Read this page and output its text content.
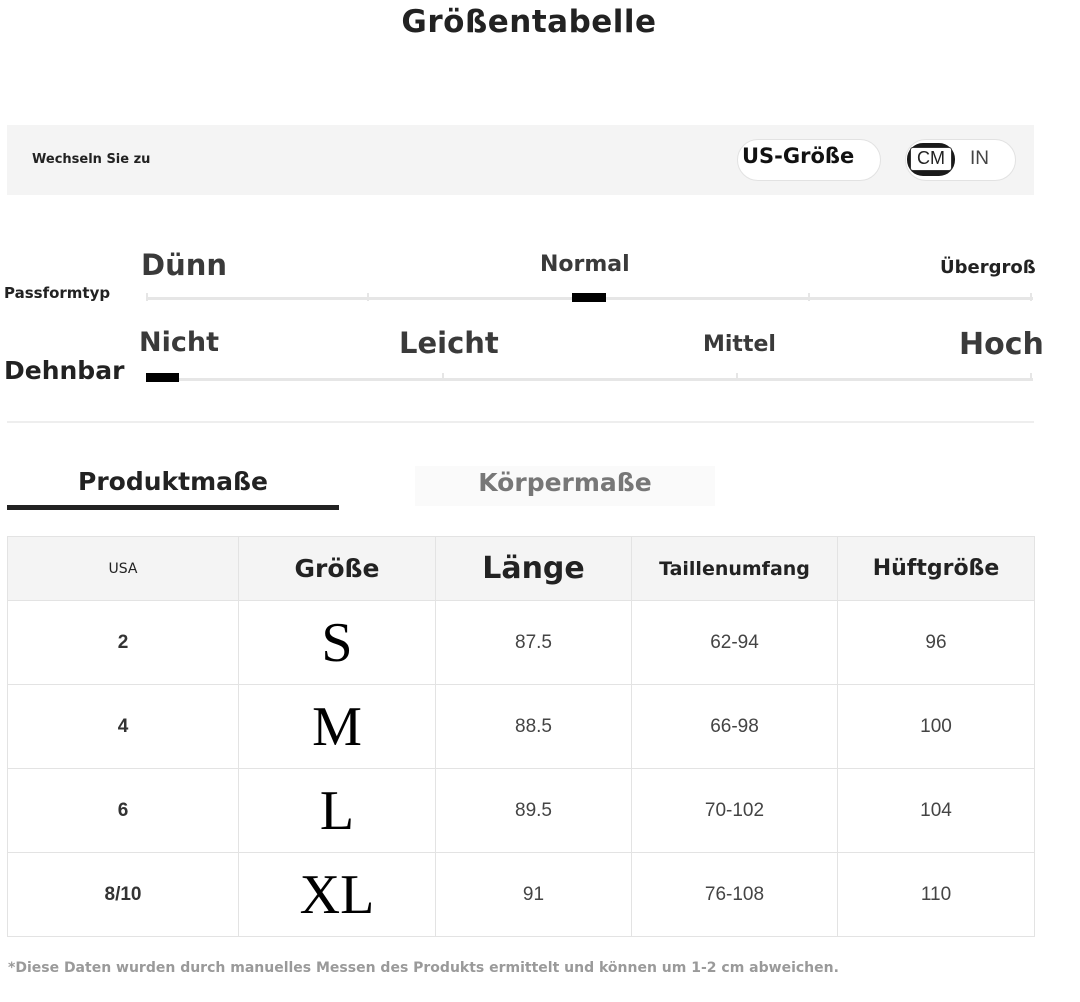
Größentabelle
Wechseln Sie zu	US-Größe	CM	IN
Passformtyp
Dünn	Normal	Übergroß
Dehnbar
Nicht	Leicht	Mittel	Hoch
Produktmaße	Körpermaße
USA	Größe	Länge	Taillenumfang	Hüftgröße
2	S	87.5	62-94	96
4	M	88.5	66-98	100
6	L	89.5	70-102	104
8/10	XL	91	76-108	110
*Diese Daten wurden durch manuelles Messen des Produkts ermittelt und können um 1-2 cm abweichen.
